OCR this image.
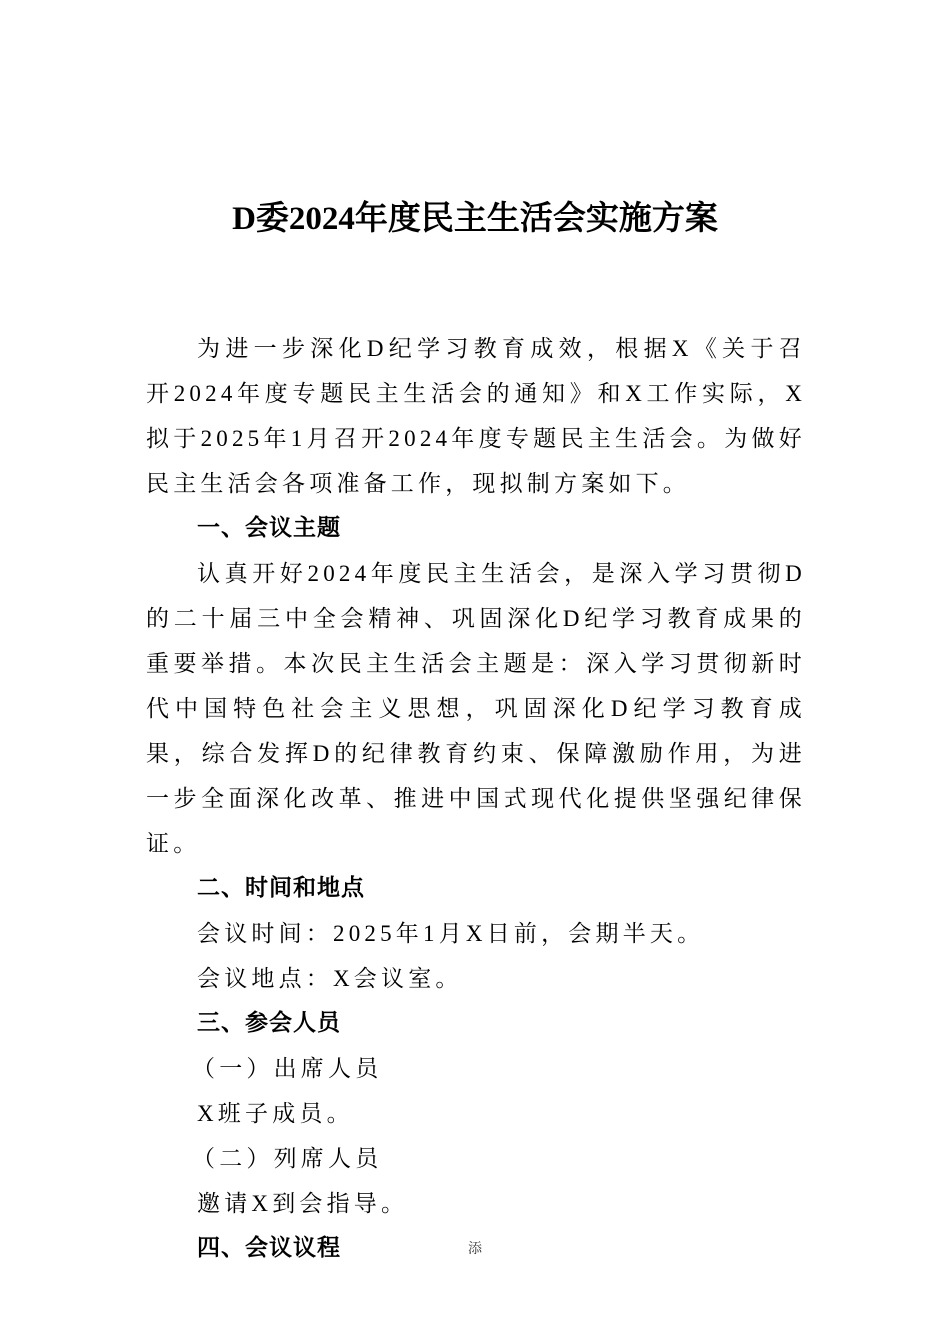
D委2024年度民主生活会实施方案

为进一步深化D纪学习教育成效，根据X《关于召开2024年度专题民主生活会的通知》和X工作实际，X拟于2025年1月召开2024年度专题民主生活会。为做好民主生活会各项准备工作，现拟制方案如下。

一、会议主题

认真开好2024年度民主生活会，是深入学习贯彻D的二十届三中全会精神、巩固深化D纪学习教育成果的重要举措。本次民主生活会主题是：深入学习贯彻新时代中国特色社会主义思想，巩固深化D纪学习教育成果，综合发挥D的纪律教育约束、保障激励作用，为进一步全面深化改革、推进中国式现代化提供坚强纪律保证。

二、时间和地点

会议时间：2025年1月X日前，会期半天。

会议地点：X会议室。

三、参会人员

（一）出席人员

X班子成员。

（二）列席人员

邀请X到会指导。

四、会议议程	添
